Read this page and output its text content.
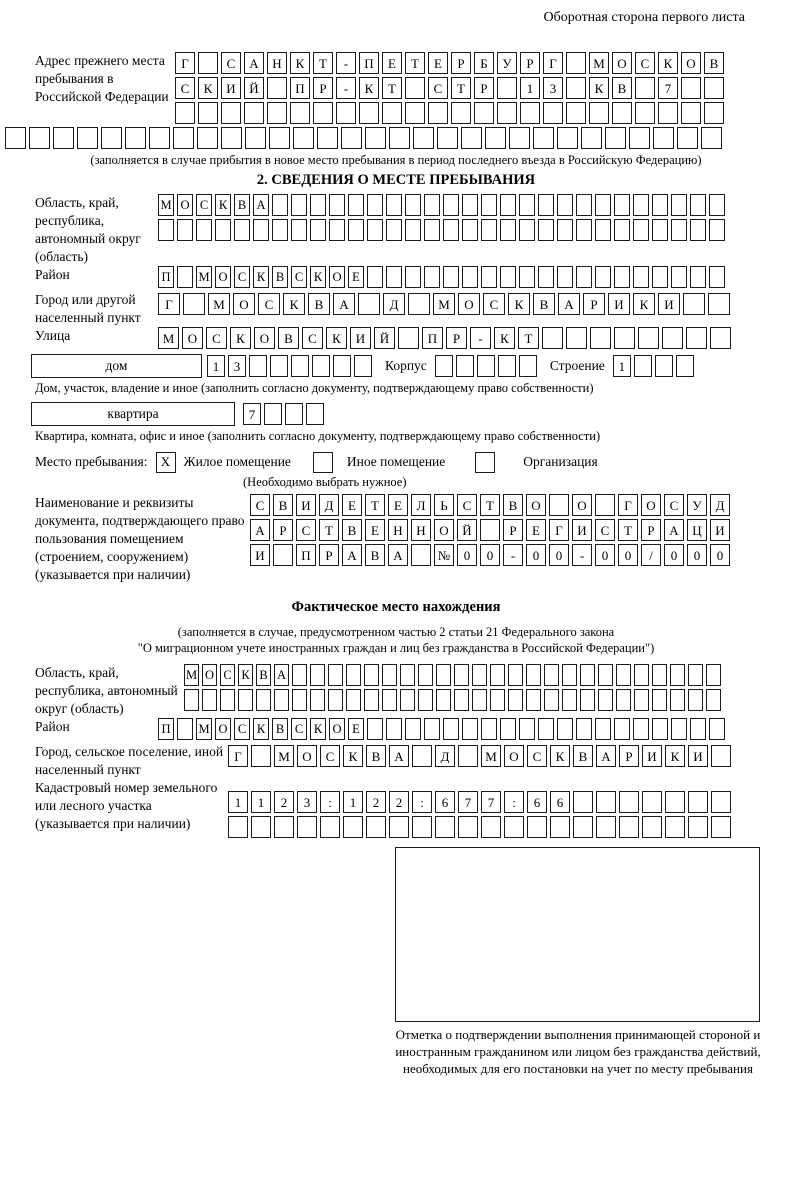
Оборотная сторона первого листа
Адрес прежнего места пребывания в Российской Федерации
Г	С	А	Н	К	Т	-	П	Е	Т	Е	Р	Б	У	Р	Г	М О	С	К	О	В
С	К	И	Й	П	Р	-	К	Т	С	Т	Р	1	3	К	В	7
(заполняется в случае прибытия в новое место пребывания в период последнего въезда в Российскую Федерацию)
2. СВЕДЕНИЯ О МЕСТЕ ПРЕБЫВАНИЯ
Область, край, республика, автономный округ (область)
М О С К В А
Район	П М О С К В С К О Е
Город или другой населенный пункт
Г	М	О	С	К	В	А	Д	М	О	С	К	В	А	Р	И	К	И
Улица	М	О	С	К	О	В	С	К	И	Й	П	Р	-	К	Т
дом	1	3	Корпус	Строение	1
Дом, участок, владение и иное (заполнить согласно документу, подтверждающему право собственности)
квартира	7
Квартира, комната, офис и иное (заполнить согласно документу, подтверждающему право собственности)
Место пребывания:	X Жилое помещение	Иное помещение	Организация
(Необходимо выбрать нужное)
Наименование и реквизиты документа, подтверждающего право пользования помещением (строением, сооружением) (указывается при наличии)
С	В	И	Д	Е	Т	Е	Л	Ь	С	Т	В	О	О	Г	О	С	У	Д
А	Р	С	Т	В	Е	Н	Н	О	Й	Р	Е	Г	И	С	Т	Р	А	Ц	И
И	П	Р	А	В	А	№	0	0	-	0	0	-	0	0	/	0	0	0
Фактическое место нахождения
(заполняется в случае, предусмотренном частью 2 статьи 21 Федерального закона
"О миграционном учете иностранных граждан и лиц без гражданства в Российской Федерации")
Область, край, республика, автономный округ (область)
М О С К В А
Район	П М О С К В С К О Е
Город, сельское поселение, иной населенный пункт
Г	М О	С	К	В	А	Д	М О	С	К	В	А	Р	И	К	И
Кадастровый номер земельного или лесного участка (указывается при наличии)
1	1	2	3	:	1	2	2	:	6	7	7	:	6	6
Отметка о подтверждении выполнения принимающей стороной и иностранным гражданином или лицом без гражданства действий, необходимых для его постановки на учет по месту пребывания
